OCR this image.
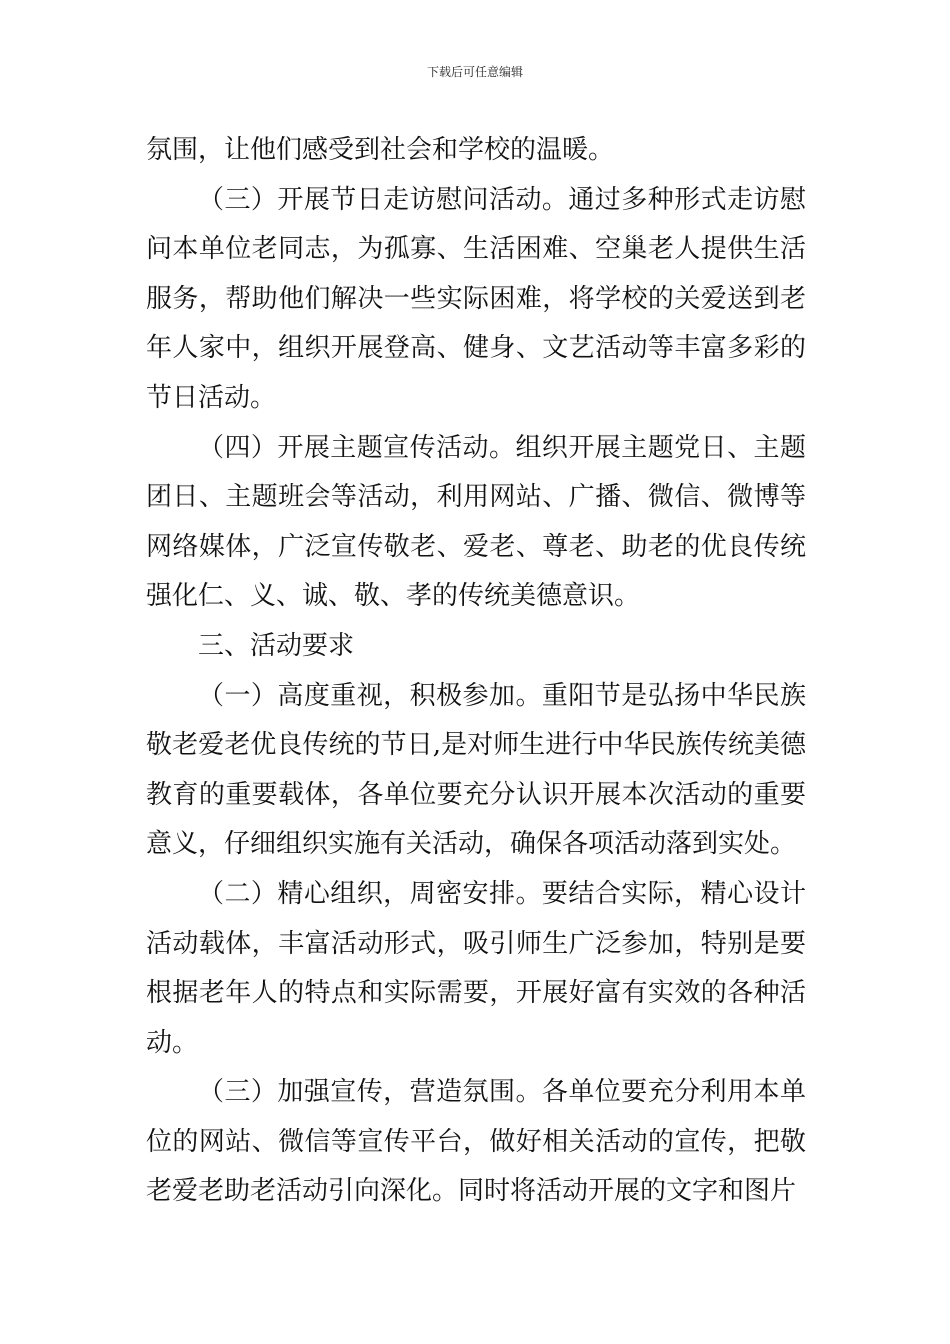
下载后可任意编辑

氛围，让他们感受到社会和学校的温暖。

（三）开展节日走访慰问活动。通过多种形式走访慰问本单位老同志，为孤寡、生活困难、空巢老人提供生活服务，帮助他们解决一些实际困难，将学校的关爱送到老年人家中，组织开展登高、健身、文艺活动等丰富多彩的节日活动。

（四）开展主题宣传活动。组织开展主题党日、主题团日、主题班会等活动，利用网站、广播、微信、微博等网络媒体，广泛宣传敬老、爱老、尊老、助老的优良传统强化仁、义、诚、敬、孝的传统美德意识。

三、活动要求

（一）高度重视，积极参加。重阳节是弘扬中华民族敬老爱老优良传统的节日,是对师生进行中华民族传统美德教育的重要载体，各单位要充分认识开展本次活动的重要意义，仔细组织实施有关活动，确保各项活动落到实处。

（二）精心组织，周密安排。要结合实际，精心设计活动载体，丰富活动形式，吸引师生广泛参加，特别是要根据老年人的特点和实际需要，开展好富有实效的各种活动。

（三）加强宣传，营造氛围。各单位要充分利用本单位的网站、微信等宣传平台，做好相关活动的宣传，把敬老爱老助老活动引向深化。同时将活动开展的文字和图片
